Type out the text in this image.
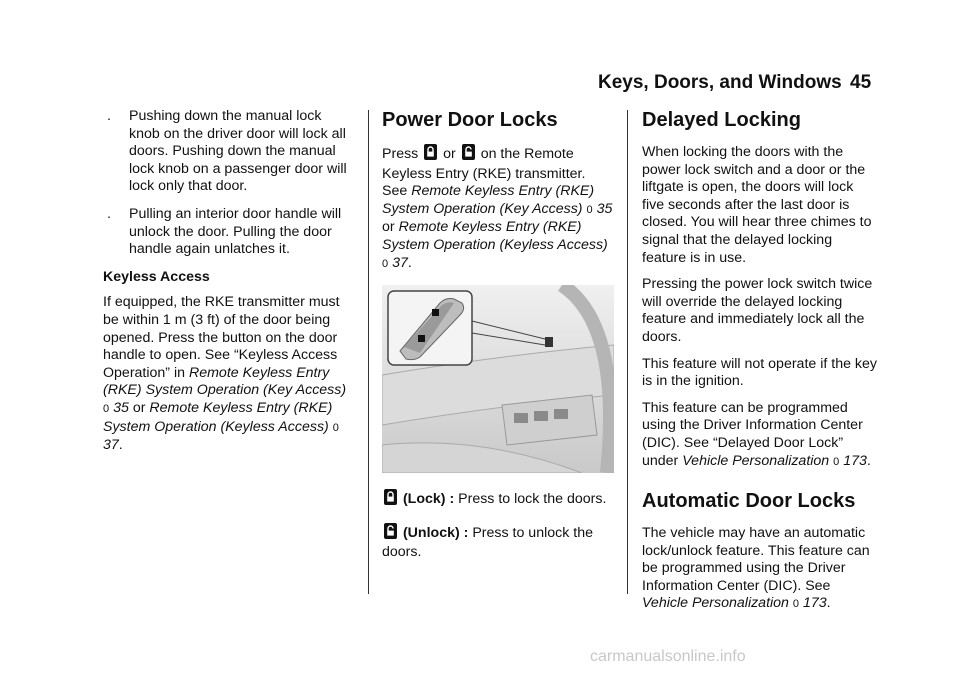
Keys, Doors, and Windows 45
. Pushing down the manual lock knob on the driver door will lock all doors. Pushing down the manual lock knob on a passenger door will lock only that door.
. Pulling an interior door handle will unlock the door. Pulling the door handle again unlatches it.

Keyless Access

If equipped, the RKE transmitter must be within 1 m (3 ft) of the door being opened. Press the button on the door handle to open. See “Keyless Access Operation” in Remote Keyless Entry (RKE) System Operation (Key Access) 0 35 or Remote Keyless Entry (RKE) System Operation (Keyless Access) 0 37.

Power Door Locks

Press or on the Remote Keyless Entry (RKE) transmitter. See Remote Keyless Entry (RKE) System Operation (Key Access) 0 35 or Remote Keyless Entry (RKE) System Operation (Keyless Access) 0 37.

(Lock) : Press to lock the doors.
(Unlock) : Press to unlock the doors.
Delayed Locking

When locking the doors with the power lock switch and a door or the liftgate is open, the doors will lock five seconds after the last door is closed. You will hear three chimes to signal that the delayed locking feature is in use.

Pressing the power lock switch twice will override the delayed locking feature and immediately lock all the doors.

This feature will not operate if the key is in the ignition.

This feature can be programmed using the Driver Information Center (DIC). See “Delayed Door Lock” under Vehicle Personalization 0 173.

Automatic Door Locks

The vehicle may have an automatic lock/unlock feature. This feature can be programmed using the Driver Information Center (DIC). See Vehicle Personalization 0 173.

carmanualsonline.info
